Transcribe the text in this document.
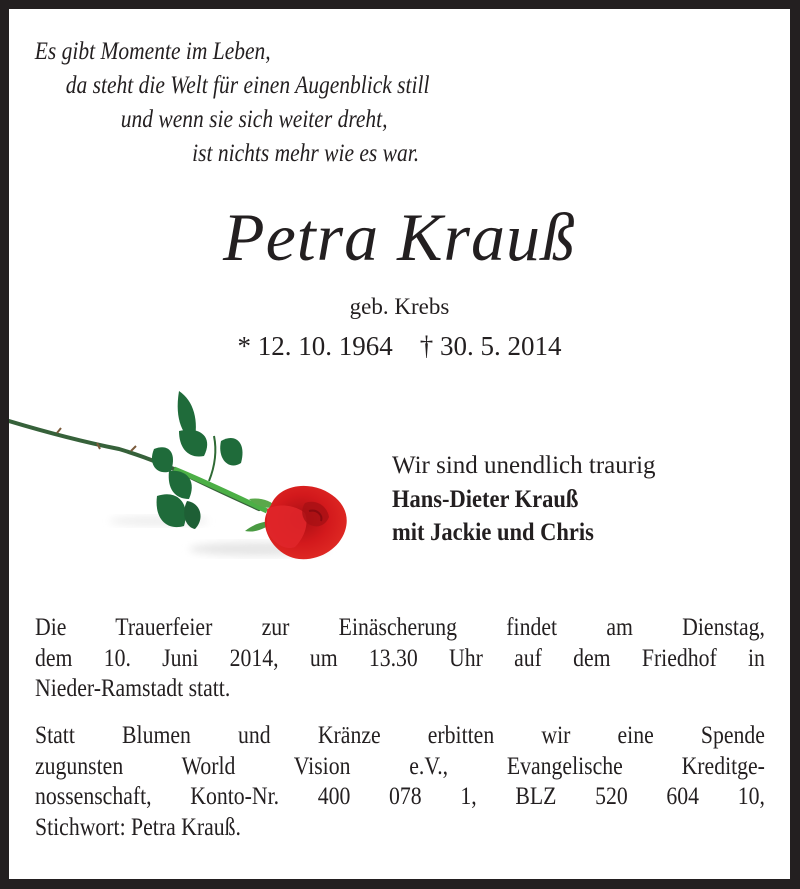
Es gibt Momente im Leben,
da steht die Welt für einen Augenblick still
und wenn sie sich weiter dreht,
ist nichts mehr wie es war.
Petra Krauß
geb. Krebs
* 12. 10. 1964    † 30. 5. 2014
Wir sind unendlich traurig
Hans-Dieter Krauß
mit Jackie und Chris
Die Trauerfeier zur Einäscherung findet am Dienstag,
dem 10. Juni 2014, um 13.30 Uhr auf dem Friedhof in
Nieder-Ramstadt statt.
Statt Blumen und Kränze erbitten wir eine Spende
zugunsten World Vision e.V., Evangelische Kreditge-
nossenschaft, Konto-Nr. 400 078 1, BLZ 520 604 10,
Stichwort: Petra Krauß.
